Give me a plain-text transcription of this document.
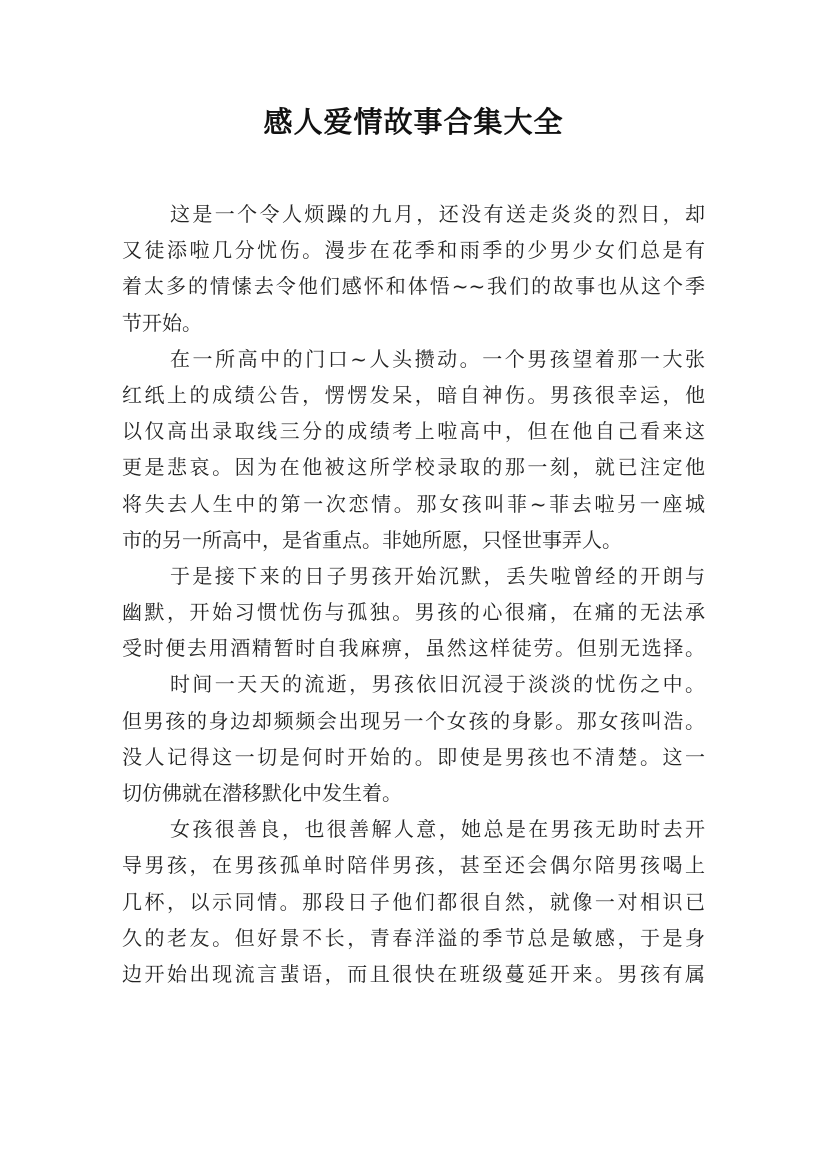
感人爱情故事合集大全
这是一个令人烦躁的九月，还没有送走炎炎的烈日，却
又徒添啦几分忧伤。漫步在花季和雨季的少男少女们总是有
着太多的情愫去令他们感怀和体悟~~我们的故事也从这个季
节开始。
在一所高中的门口~人头攒动。一个男孩望着那一大张
红纸上的成绩公告，愣愣发呆，暗自神伤。男孩很幸运，他
以仅高出录取线三分的成绩考上啦高中，但在他自己看来这
更是悲哀。因为在他被这所学校录取的那一刻，就已注定他
将失去人生中的第一次恋情。那女孩叫菲~菲去啦另一座城
市的另一所高中，是省重点。非她所愿，只怪世事弄人。
于是接下来的日子男孩开始沉默，丢失啦曾经的开朗与
幽默，开始习惯忧伤与孤独。男孩的心很痛，在痛的无法承
受时便去用酒精暂时自我麻痹，虽然这样徒劳。但别无选择。
时间一天天的流逝，男孩依旧沉浸于淡淡的忧伤之中。
但男孩的身边却频频会出现另一个女孩的身影。那女孩叫浩。
没人记得这一切是何时开始的。即使是男孩也不清楚。这一
切仿佛就在潜移默化中发生着。
女孩很善良，也很善解人意，她总是在男孩无助时去开
导男孩，在男孩孤单时陪伴男孩，甚至还会偶尔陪男孩喝上
几杯，以示同情。那段日子他们都很自然，就像一对相识已
久的老友。但好景不长，青春洋溢的季节总是敏感，于是身
边开始出现流言蜚语，而且很快在班级蔓延开来。男孩有属
